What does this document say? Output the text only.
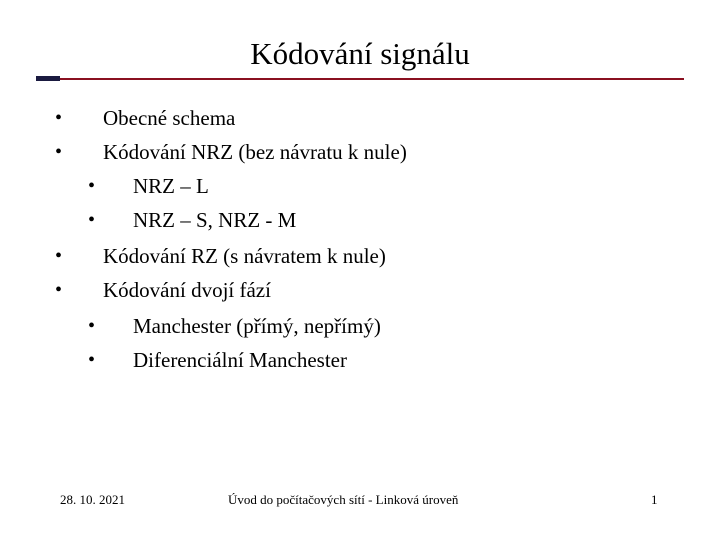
Kódování signálu
• Obecné schema
• Kódování NRZ (bez návratu k nule)
• NRZ – L
• NRZ – S, NRZ - M
• Kódování RZ (s návratem k nule)
• Kódování dvojí fází
• Manchester (přímý, nepřímý)
• Diferenciální Manchester
28. 10. 2021	Úvod do počítačových sítí - Linková úroveň	1
